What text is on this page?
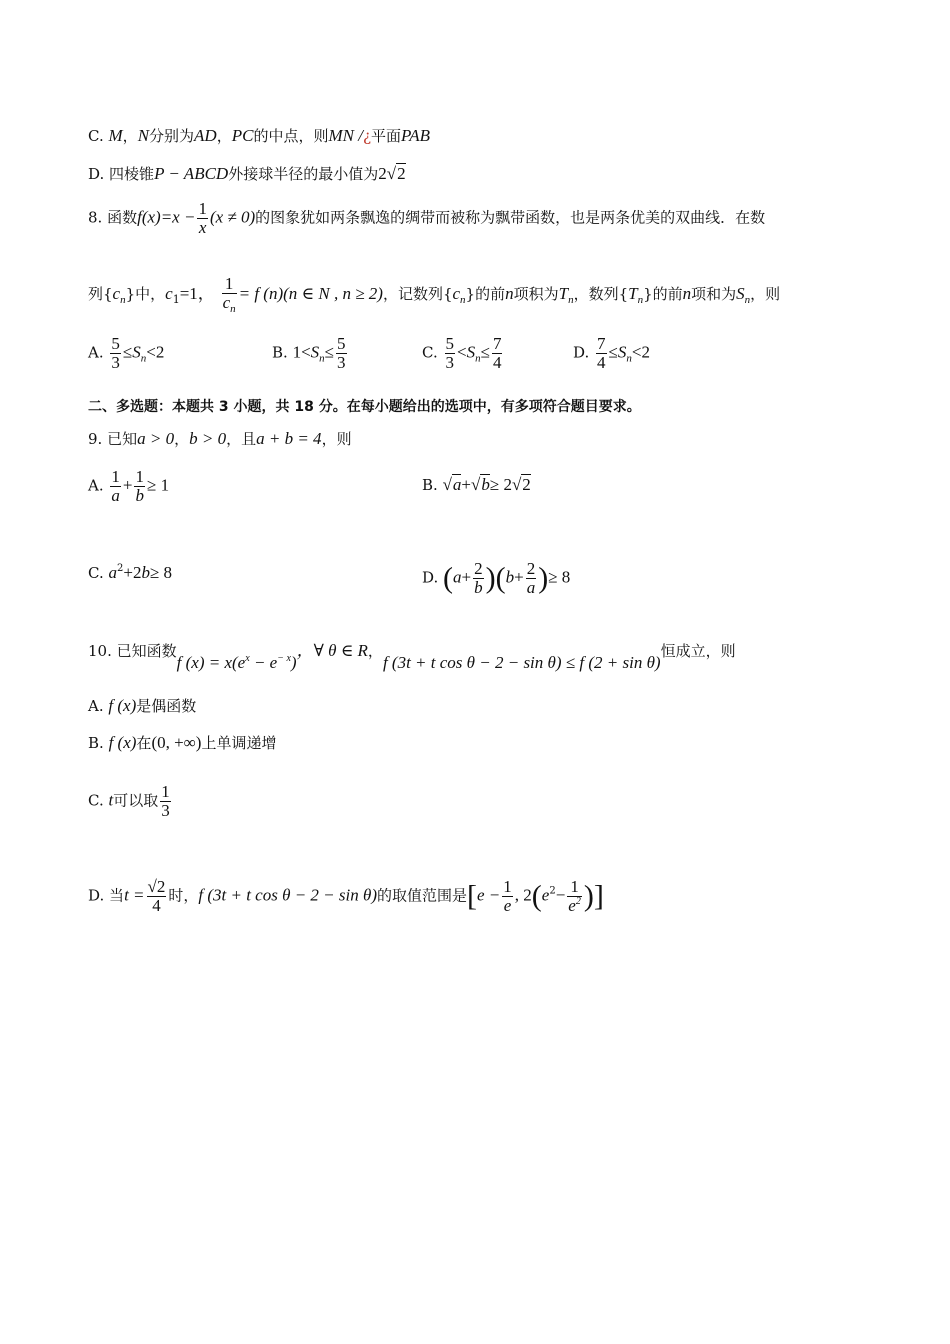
C. M，N分别为AD，PC的中点，则MN /¿平面PAB
D. 四棱锥P − ABCD外接球半径的最小值为2√2
8. 函数$f(x)=x - \frac{1}{x} (x \ne 0)$的图象犹如两条飘逸的绸带而被称为飘带函数，也是两条优美的双曲线．在数
列$\{c_n\}$中，$c_1=1$， $\frac{1}{c_n} = f$ (n)(n ∈ N , n ≥ 2)，记数列$\{c_n\}$的前n项积为$T_n$，数列$\{T_n\}$的前n项和为$S_n$，则
A. $\frac{5}{3} \le S_n<2$	B. $1<S_n\le \frac{5}{3}$	C. $\frac{5}{3} <S_n\le \frac{7}{4}$	D. $\frac{7}{4} \le S_n<2$
二、多选题：本题共 3 小题，共 18 分。在每小题给出的选项中，有多项符合题目要求。
9. 已知a > 0，b > 0，且a + b = 4，则
A. $\frac{1}{a} + \frac{1}{b} \ge 1$	B. √a+√b≥ 2√2
C. $a^2+2b\ge 8$	D. $(a+ \frac{2}{b} )(b+ \frac{2}{a}$ )≥ 8
10. 已知函数f $(x) = x(e^x - e^{- x})$，∀ θ ∈ R，f (3t + t cos θ − 2 − sin θ) ≤ f (2 + sin θ)恒成立，则
A. f (x)是偶函数
B. f (x)在(0, +∞)上单调递增
C. t可以取 $\frac{1}{3}$
D. 当$t = \frac{√2}{4}$ 时，f (3t + t cos θ − 2 − sin θ)的取值范围是[$e - \frac{1}{e}$ , $2(e^2- \frac{1}{e^2}$ )]
